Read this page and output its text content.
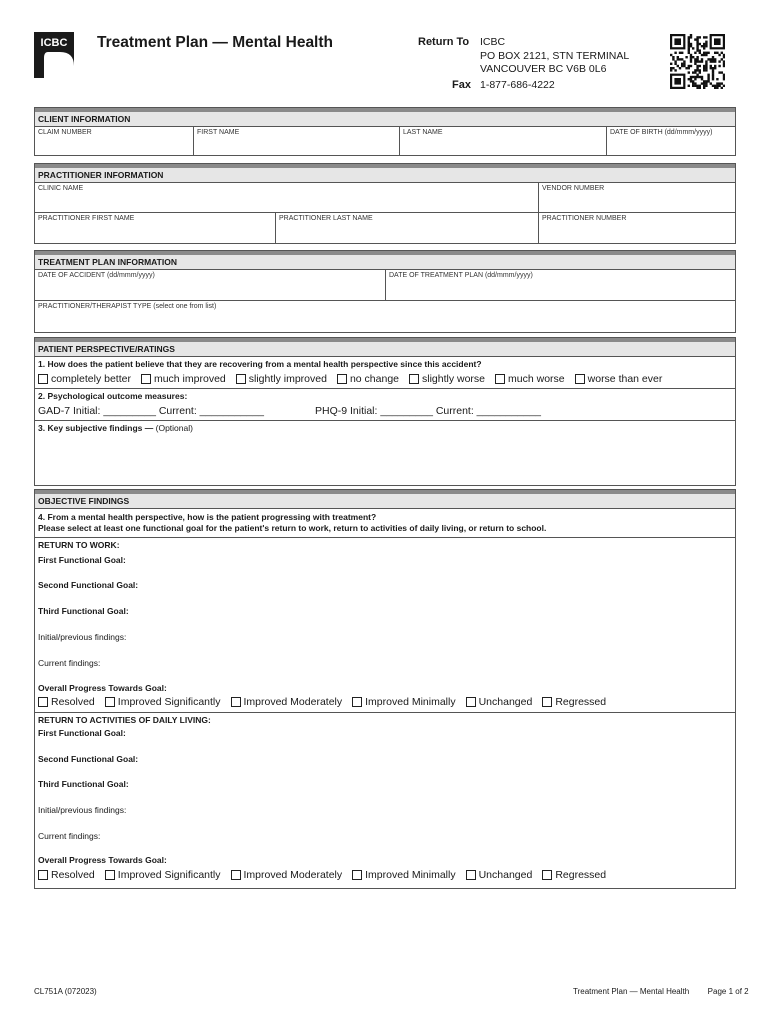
ICBC Treatment Plan — Mental Health	Return To ICBC
PO BOX 2121, STN TERMINAL
VANCOUVER BC V6B 0L6
Fax 1-877-686-4222
CLIENT INFORMATION
CLAIM NUMBER	FIRST NAME	LAST NAME	DATE OF BIRTH (dd/mmm/yyyy)
PRACTITIONER INFORMATION
CLINIC NAME	VENDOR NUMBER
PRACTITIONER FIRST NAME	PRACTITIONER LAST NAME	PRACTITIONER NUMBER
TREATMENT PLAN INFORMATION
DATE OF ACCIDENT (dd/mmm/yyyy)	DATE OF TREATMENT PLAN (dd/mmm/yyyy)
PRACTITIONER/THERAPIST TYPE (select one from list)
PATIENT PERSPECTIVE/RATINGS
1. How does the patient believe that they are recovering from a mental health perspective since this accident?
completely better much improved slightly improved no change slightly worse much worse worse than ever
2. Psychological outcome measures:
GAD-7 Initial: _________ Current: ___________	PHQ-9 Initial: _________ Current: ___________
3. Key subjective findings — (Optional)
OBJECTIVE FINDINGS
4. From a mental health perspective, how is the patient progressing with treatment?
Please select at least one functional goal for the patient's return to work, return to activities of daily living, or return to school.
RETURN TO WORK:
First Functional Goal:
Second Functional Goal:
Third Functional Goal:
Initial/previous findings:
Current findings:
Overall Progress Towards Goal:
Resolved Improved Significantly Improved Moderately Improved Minimally Unchanged Regressed
RETURN TO ACTIVITIES OF DAILY LIVING:
First Functional Goal:
Second Functional Goal:
Third Functional Goal:
Initial/previous findings:
Current findings:
Overall Progress Towards Goal:
Resolved Improved Significantly Improved Moderately Improved Minimally Unchanged Regressed
CL751A (072023)	Treatment Plan — Mental Health Page 1 of 2
